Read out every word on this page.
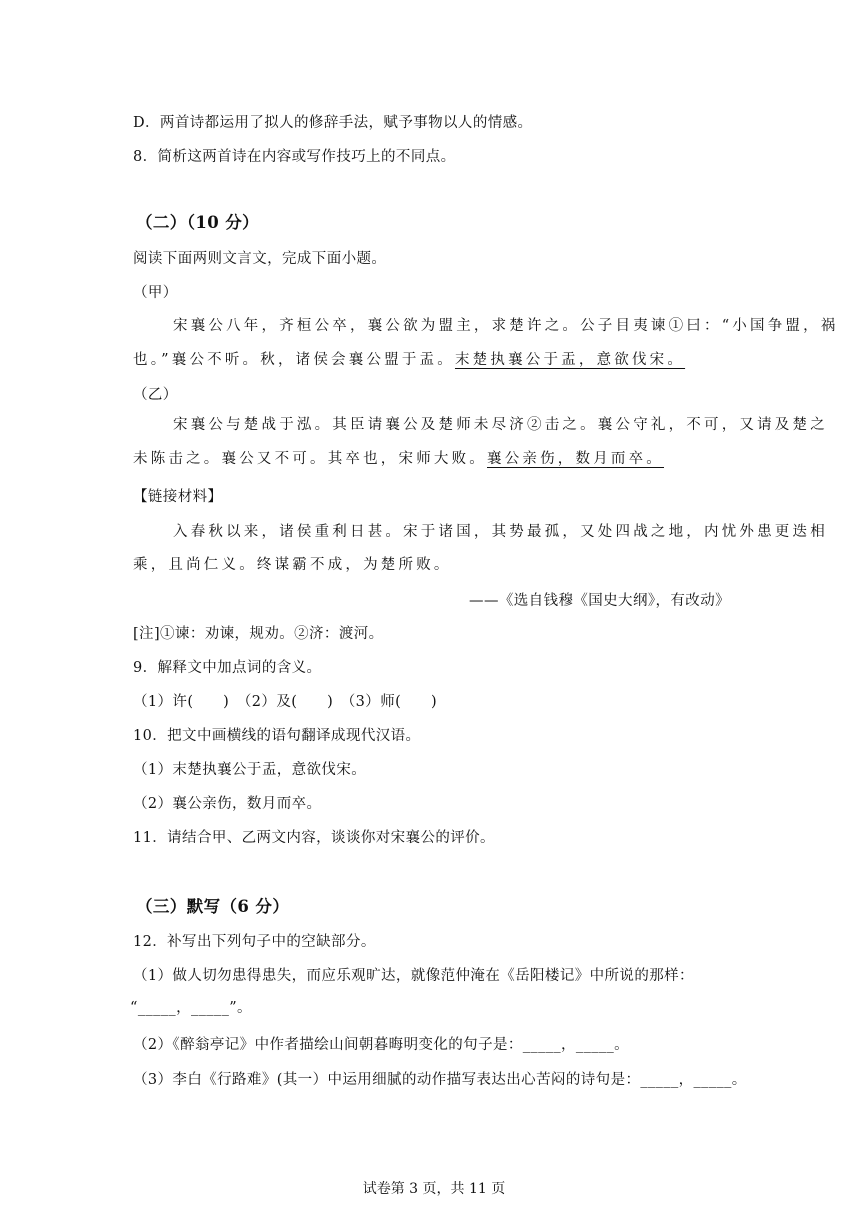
D．两首诗都运用了拟人的修辞手法，赋予事物以人的情感。
8．简析这两首诗在内容或写作技巧上的不同点。
（二）（10 分）
阅读下面两则文言文，完成下面小题。
（甲）
宋襄公八年，齐桓公卒，襄公欲为盟主，求楚许之。公子目夷谏①曰：“小国争盟，祸
也。”襄公不听。秋，诸侯会襄公盟于盂。末楚执襄公于盂，意欲伐宋。
（乙）
宋襄公与楚战于泓。其臣请襄公及楚师未尽济②击之。襄公守礼，不可，又请及楚之
未陈击之。襄公又不可。其卒也，宋师大败。襄公亲伤，数月而卒。
【链接材料】
入春秋以来，诸侯重利日甚。宋于诸国，其势最孤，又处四战之地，内忧外患更迭相
乘，且尚仁义。终谋霸不成，为楚所败。
——《选自钱穆《国史大纲》，有改动》
[注]①谏：劝谏，规劝。②济：渡河。
9．解释文中加点词的含义。
（1）许(　　)　（2）及(　　)　（3）师(　　)
10．把文中画横线的语句翻译成现代汉语。
（1）末楚执襄公于盂，意欲伐宋。
（2）襄公亲伤，数月而卒。
11．请结合甲、乙两文内容，谈谈你对宋襄公的评价。
（三）默写（6 分）
12．补写出下列句子中的空缺部分。
（1）做人切勿患得患失，而应乐观旷达，就像范仲淹在《岳阳楼记》中所说的那样：
“_____，_____”。
（2）《醉翁亭记》中作者描绘山间朝暮晦明变化的句子是：_____，_____。
（3）李白《行路难》(其一）中运用细腻的动作描写表达出心苦闷的诗句是：_____，_____。
试卷第 3 页，共 11 页
